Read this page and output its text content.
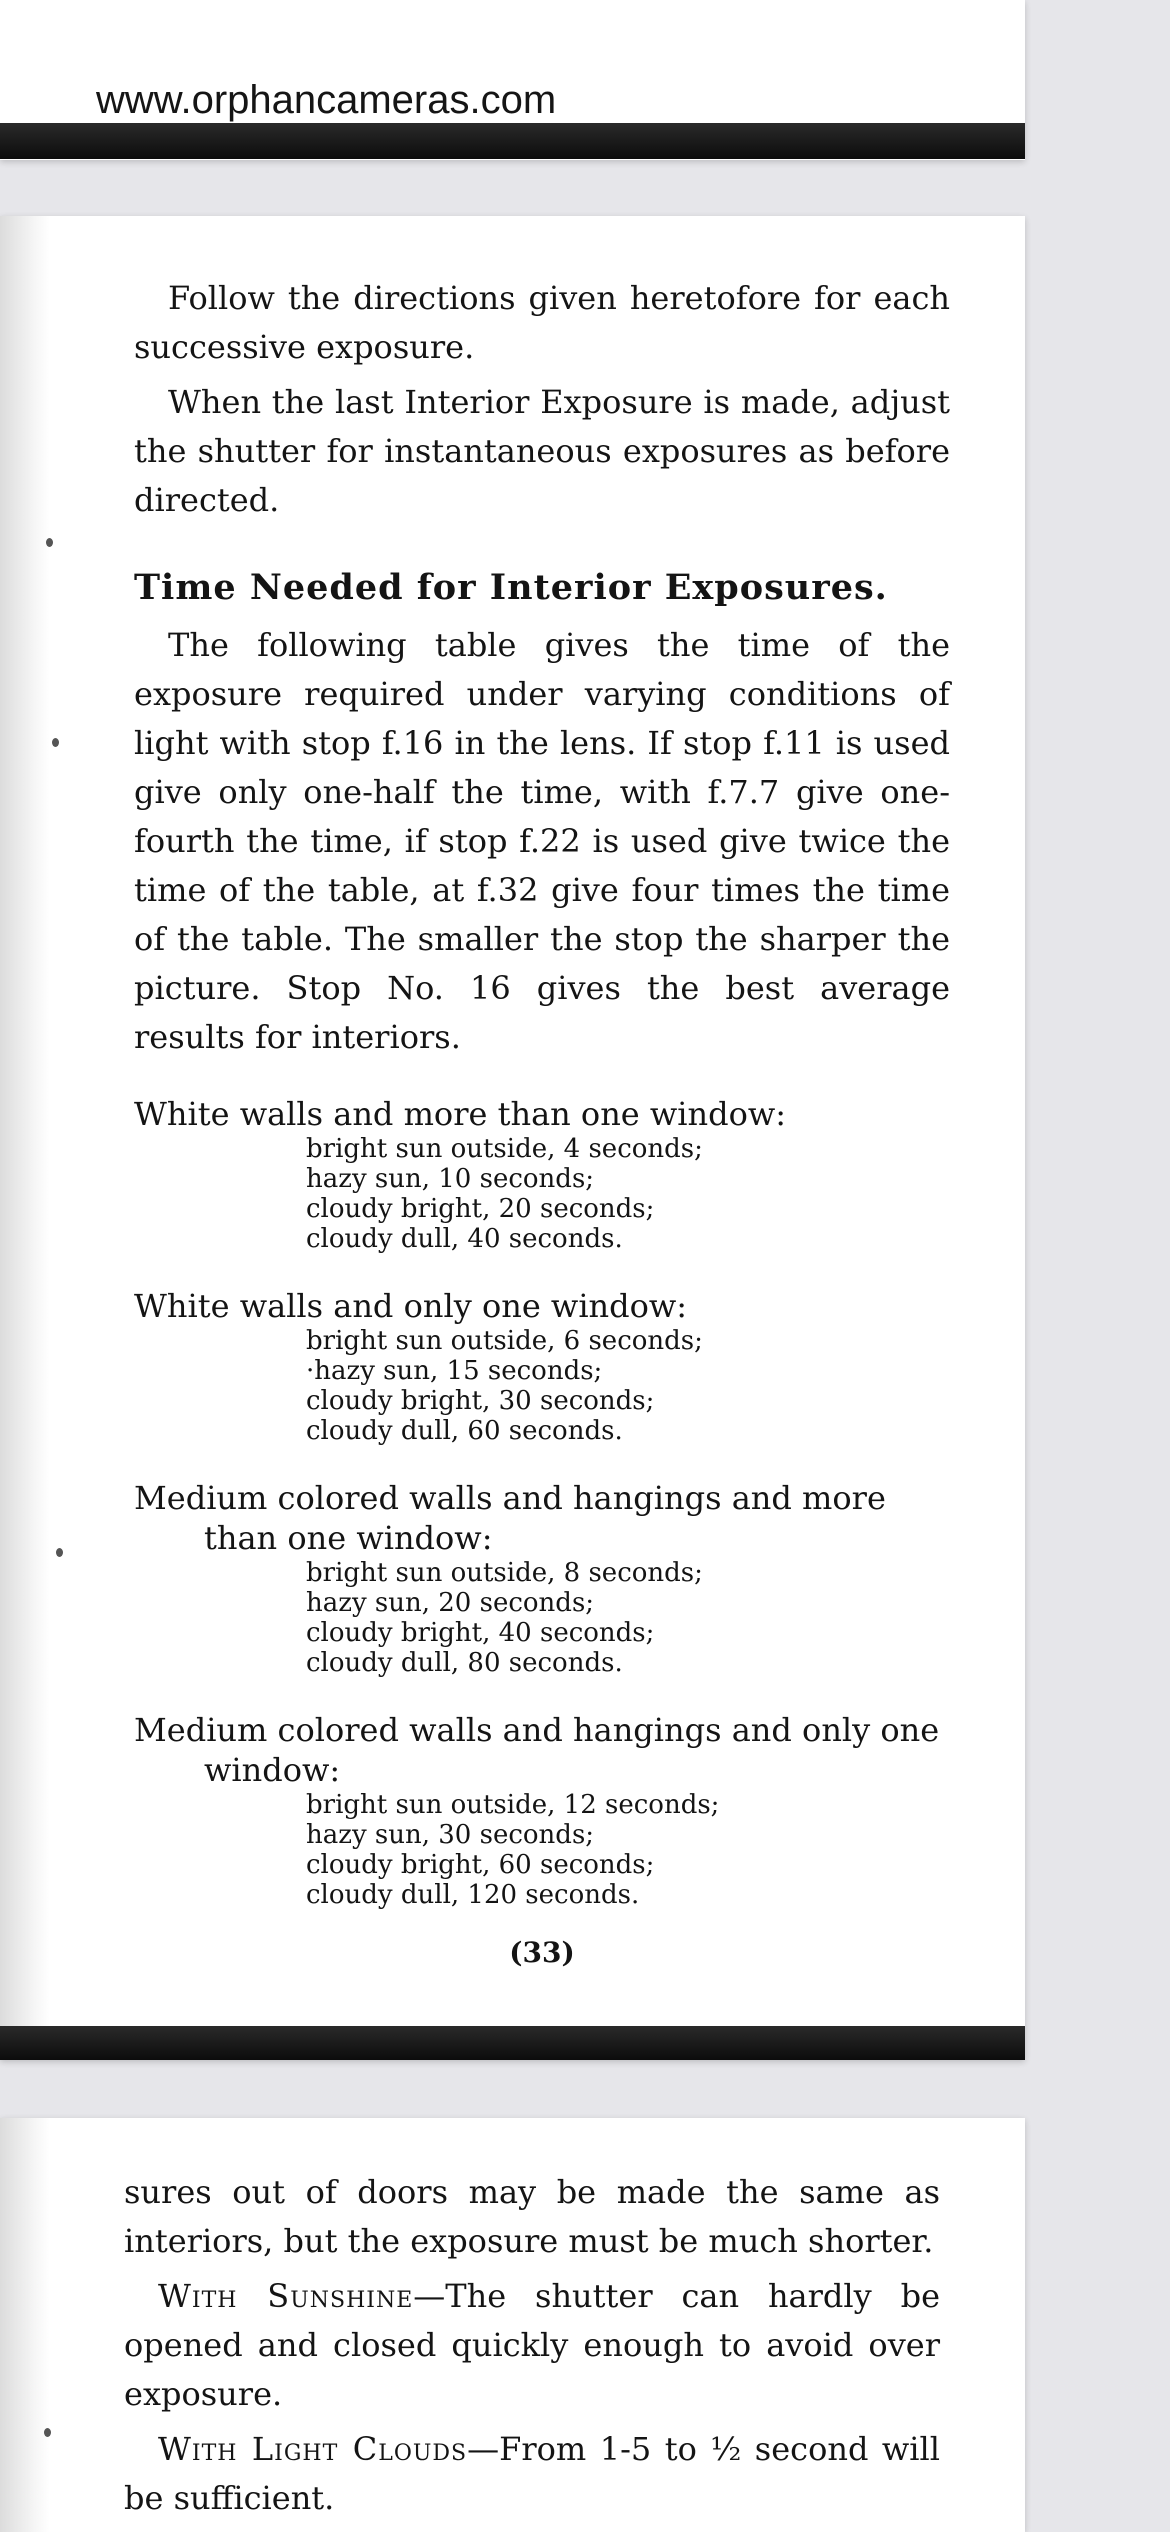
www.orphancameras.com

Follow the directions given heretofore for each successive exposure.

When the last Interior Exposure is made, adjust the shutter for instantaneous exposures as before directed.

Time Needed for Interior Exposures.

The following table gives the time of the exposure required under varying conditions of light with stop f.16 in the lens. If stop f.11 is used give only one-half the time, with f.7.7 give one-fourth the time, if stop f.22 is used give twice the time of the table, at f.32 give four times the time of the table. The smaller the stop the sharper the picture. Stop No. 16 gives the best average results for interiors.

White walls and more than one window:

bright sun outside, 4 seconds;
hazy sun, 10 seconds;
cloudy bright, 20 seconds;
cloudy dull, 40 seconds.

White walls and only one window:

bright sun outside, 6 seconds;
·hazy sun, 15 seconds;
cloudy bright, 30 seconds;
cloudy dull, 60 seconds.

Medium colored walls and hangings and more than one window:

bright sun outside, 8 seconds;
hazy sun, 20 seconds;
cloudy bright, 40 seconds;
cloudy dull, 80 seconds.

Medium colored walls and hangings and only one window:

bright sun outside, 12 seconds;
hazy sun, 30 seconds;
cloudy bright, 60 seconds;
cloudy dull, 120 seconds.

(33)

sures out of doors may be made the same as interiors, but the exposure must be much shorter.

With Sunshine—The shutter can hardly be opened and closed quickly enough to avoid over exposure.

With Light Clouds—From 1-5 to ½ second will be sufficient.
